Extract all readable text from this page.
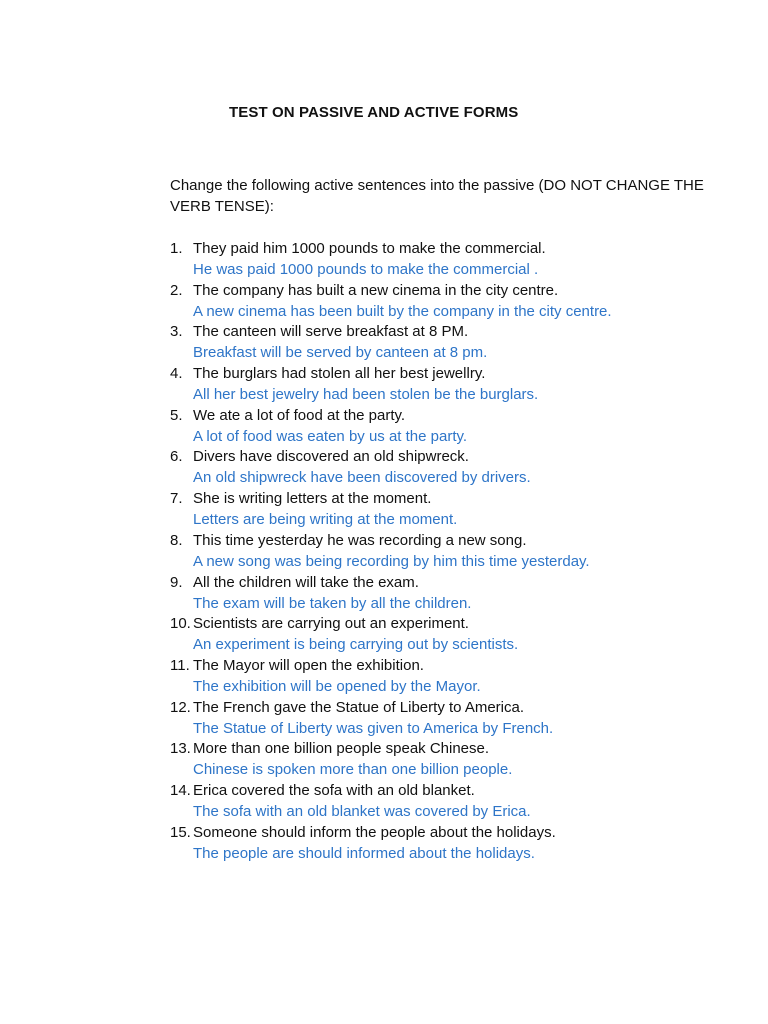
TEST ON PASSIVE AND ACTIVE FORMS
Change the following active sentences into the passive (DO NOT CHANGE THE VERB TENSE):
1. They paid him 1000 pounds to make the commercial.
He was paid 1000 pounds to make the commercial .
2. The company has built a new cinema in the city centre.
A new cinema has been built by the company in the city centre.
3. The canteen will serve breakfast at 8 PM.
Breakfast will be served by canteen at 8 pm.
4. The burglars had stolen all her best jewellry.
All her best jewelry had been stolen be the burglars.
5. We ate a lot of food at the party.
A lot of food was eaten by us at the party.
6. Divers have discovered an old shipwreck.
An old shipwreck have been discovered by drivers.
7. She is writing letters at the moment.
Letters are being writing at the moment.
8. This time yesterday he was recording a new song.
A new song was being recording by him this time yesterday.
9. All the children will take the exam.
The exam will be taken by all the children.
10. Scientists are carrying out an experiment.
An experiment is being carrying out by scientists.
11. The Mayor will open the exhibition.
The exhibition will be opened by the Mayor.
12. The French gave the Statue of Liberty to America.
The Statue of Liberty was given to America by French.
13. More than one billion people speak Chinese.
Chinese is spoken more than one billion people.
14. Erica covered the sofa with an old blanket.
The sofa with an old blanket was covered by Erica.
15. Someone should inform the people about the holidays.
The people are should informed about the holidays.
